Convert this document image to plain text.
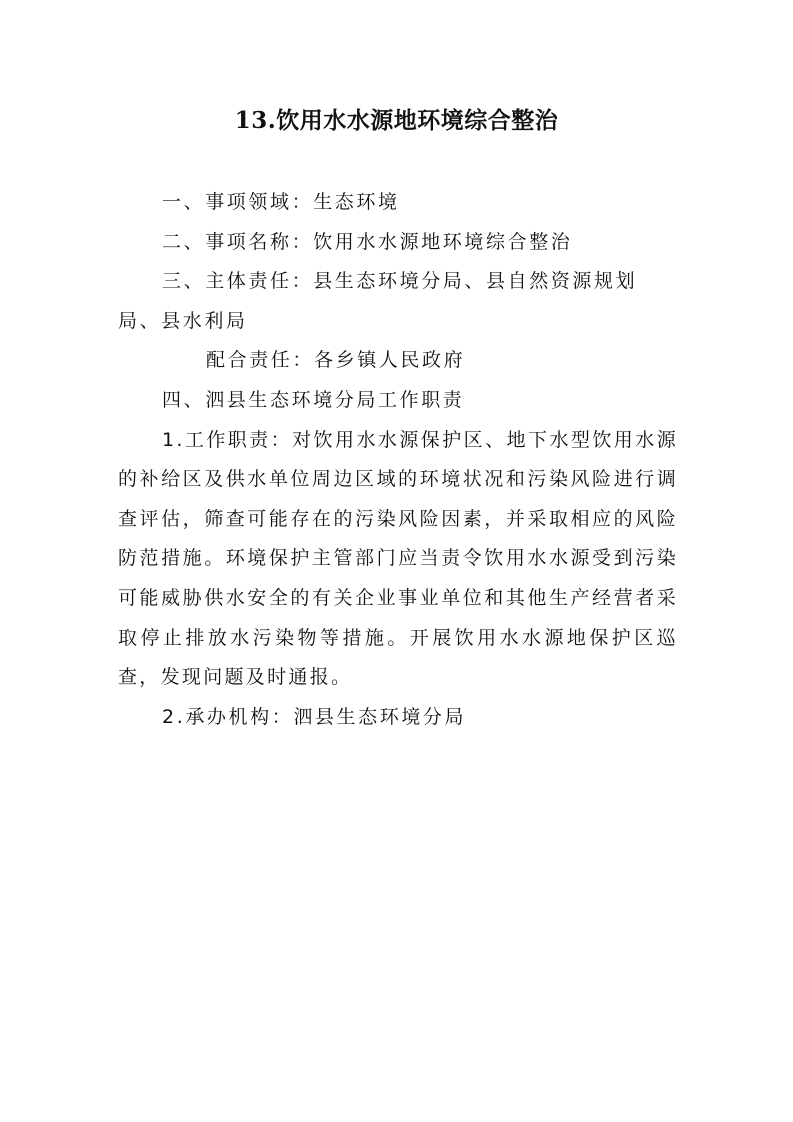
13.饮用水水源地环境综合整治

一、事项领域：生态环境

二、事项名称：饮用水水源地环境综合整治

三、主体责任：县生态环境分局、县自然资源规划局、县水利局

配合责任：各乡镇人民政府

四、泗县生态环境分局工作职责

1.工作职责：对饮用水水源保护区、地下水型饮用水源的补给区及供水单位周边区域的环境状况和污染风险进行调查评估，筛查可能存在的污染风险因素，并采取相应的风险防范措施。环境保护主管部门应当责令饮用水水源受到污染可能威胁供水安全的有关企业事业单位和其他生产经营者采取停止排放水污染物等措施。开展饮用水水源地保护区巡查，发现问题及时通报。

2.承办机构：泗县生态环境分局
